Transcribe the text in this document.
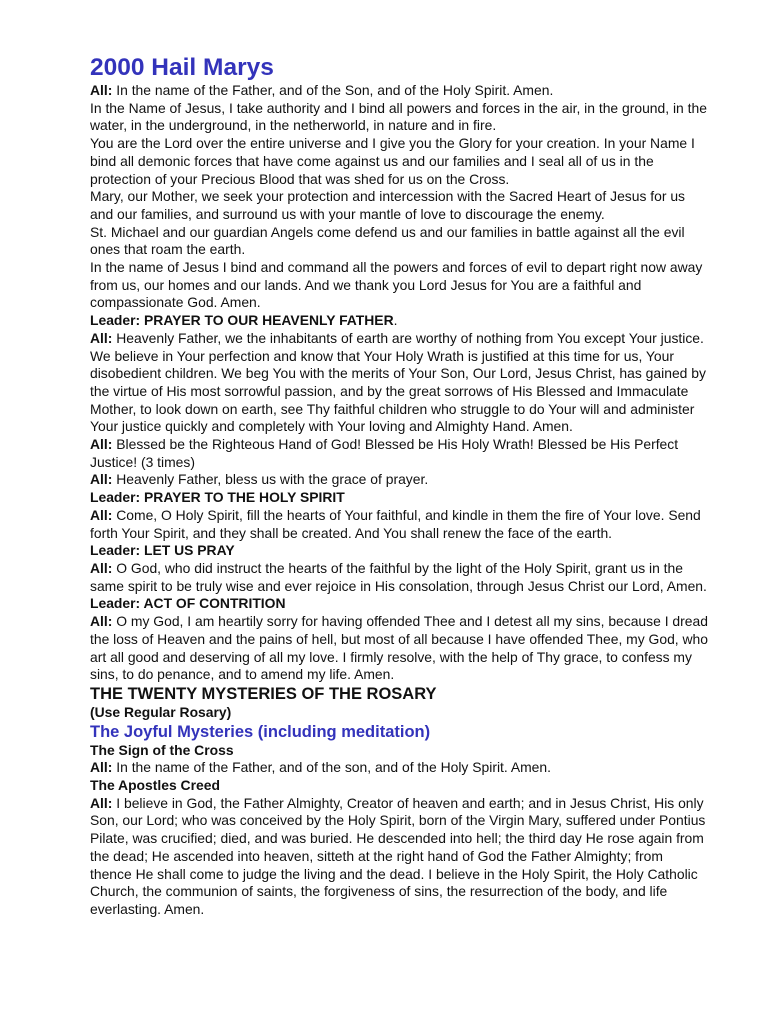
2000 Hail Marys

All: In the name of the Father, and of the Son, and of the Holy Spirit. Amen.

In the Name of Jesus, I take authority and I bind all powers and forces in the air, in the ground, in the water, in the underground, in the netherworld, in nature and in fire.

You are the Lord over the entire universe and I give you the Glory for your creation. In your Name I bind all demonic forces that have come against us and our families and I seal all of us in the protection of your Precious Blood that was shed for us on the Cross.

Mary, our Mother, we seek your protection and intercession with the Sacred Heart of Jesus for us and our families, and surround us with your mantle of love to discourage the enemy.

St. Michael and our guardian Angels come defend us and our families in battle against all the evil ones that roam the earth.

In the name of Jesus I bind and command all the powers and forces of evil to depart right now away from us, our homes and our lands. And we thank you Lord Jesus for You are a faithful and compassionate God. Amen.

Leader: PRAYER TO OUR HEAVENLY FATHER.

All: Heavenly Father, we the inhabitants of earth are worthy of nothing from You except Your justice. We believe in Your perfection and know that Your Holy Wrath is justified at this time for us, Your disobedient children. We beg You with the merits of Your Son, Our Lord, Jesus Christ, has gained by the virtue of His most sorrowful passion, and by the great sorrows of His Blessed and Immaculate Mother, to look down on earth, see Thy faithful children who struggle to do Your will and administer Your justice quickly and completely with Your loving and Almighty Hand. Amen.

All: Blessed be the Righteous Hand of God! Blessed be His Holy Wrath! Blessed be His Perfect Justice! (3 times)

All: Heavenly Father, bless us with the grace of prayer.

Leader: PRAYER TO THE HOLY SPIRIT

All: Come, O Holy Spirit, fill the hearts of Your faithful, and kindle in them the fire of Your love. Send forth Your Spirit, and they shall be created. And You shall renew the face of the earth.

Leader: LET US PRAY

All: O God, who did instruct the hearts of the faithful by the light of the Holy Spirit, grant us in the same spirit to be truly wise and ever rejoice in His consolation, through Jesus Christ our Lord, Amen.

Leader: ACT OF CONTRITION

All: O my God, I am heartily sorry for having offended Thee and I detest all my sins, because I dread the loss of Heaven and the pains of hell, but most of all because I have offended Thee, my God, who art all good and deserving of all my love. I firmly resolve, with the help of Thy grace, to confess my sins, to do penance, and to amend my life. Amen.

THE TWENTY MYSTERIES OF THE ROSARY

(Use Regular Rosary)

The Joyful Mysteries (including meditation)

The Sign of the Cross

All: In the name of the Father, and of the son, and of the Holy Spirit. Amen.

The Apostles Creed

All: I believe in God, the Father Almighty, Creator of heaven and earth; and in Jesus Christ, His only Son, our Lord; who was conceived by the Holy Spirit, born of the Virgin Mary, suffered under Pontius Pilate, was crucified; died, and was buried. He descended into hell; the third day He rose again from the dead; He ascended into heaven, sitteth at the right hand of God the Father Almighty; from thence He shall come to judge the living and the dead. I believe in the Holy Spirit, the Holy Catholic Church, the communion of saints, the forgiveness of sins, the resurrection of the body, and life everlasting. Amen.
